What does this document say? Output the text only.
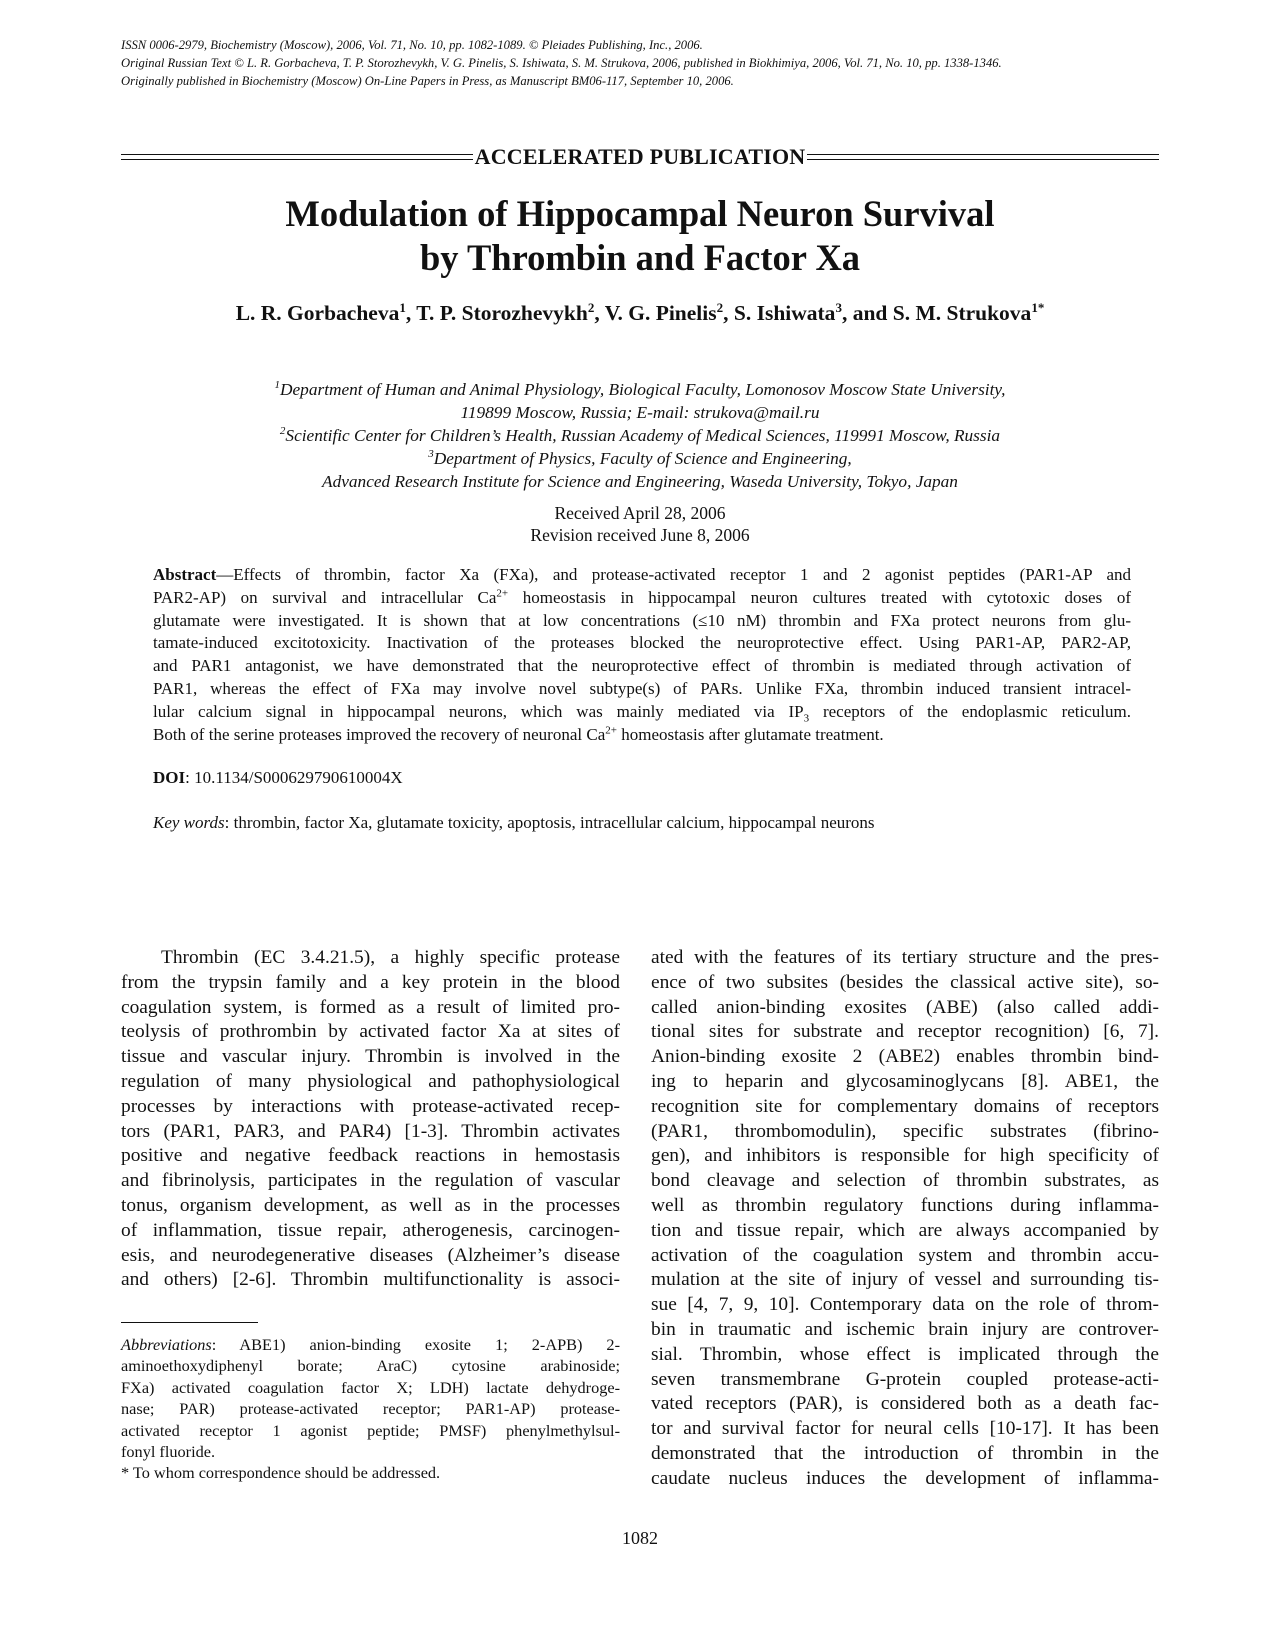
ISSN 0006-2979, Biochemistry (Moscow), 2006, Vol. 71, No. 10, pp. 1082-1089. © Pleiades Publishing, Inc., 2006.
Original Russian Text © L. R. Gorbacheva, T. P. Storozhevykh, V. G. Pinelis, S. Ishiwata, S. M. Strukova, 2006, published in Biokhimiya, 2006, Vol. 71, No. 10, pp. 1338-1346.
Originally published in Biochemistry (Moscow) On-Line Papers in Press, as Manuscript BM06-117, September 10, 2006.
ACCELERATED PUBLICATION
Modulation of Hippocampal Neuron Survival
by Thrombin and Factor Xa
L. R. Gorbacheva$^1$, T. P. Storozhevykh$^2$, V. G. Pinelis$^2$, S. Ishiwata$^3$, and S. M. Strukova$^{1*}$
$^1$Department of Human and Animal Physiology, Biological Faculty, Lomonosov Moscow State University,
119899 Moscow, Russia; E-mail: strukova@mail.ru
$^2$Scientific Center for Children’s Health, Russian Academy of Medical Sciences, 119991 Moscow, Russia
$^3$Department of Physics, Faculty of Science and Engineering,
Advanced Research Institute for Science and Engineering, Waseda University, Tokyo, Japan
Received April 28, 2006
Revision received June 8, 2006
Abstract—Effects of thrombin, factor Xa (FXa), and protease-activated receptor 1 and 2 agonist peptides (PAR1-AP and
PAR2-AP) on survival and intracellular $Ca^{2+}$ homeostasis in hippocampal neuron cultures treated with cytotoxic doses of
glutamate were investigated. It is shown that at low concentrations (≤10 nM) thrombin and FXa protect neurons from glu-
tamate-induced excitotoxicity. Inactivation of the proteases blocked the neuroprotective effect. Using PAR1-AP, PAR2-AP,
and PAR1 antagonist, we have demonstrated that the neuroprotective effect of thrombin is mediated through activation of
PAR1, whereas the effect of FXa may involve novel subtype(s) of PARs. Unlike FXa, thrombin induced transient intracel-
lular calcium signal in hippocampal neurons, which was mainly mediated via $IP_3$ receptors of the endoplasmic reticulum.
Both of the serine proteases improved the recovery of neuronal $Ca^{2+}$ homeostasis after glutamate treatment.
DOI: 10.1134/S000629790610004X
Key words: thrombin, factor Xa, glutamate toxicity, apoptosis, intracellular calcium, hippocampal neurons
Thrombin (EC 3.4.21.5), a highly specific protease
from the trypsin family and a key protein in the blood
coagulation system, is formed as a result of limited pro-
teolysis of prothrombin by activated factor Xa at sites of
tissue and vascular injury. Thrombin is involved in the
regulation of many physiological and pathophysiological
processes by interactions with protease-activated recep-
tors (PAR1, PAR3, and PAR4) [1-3]. Thrombin activates
positive and negative feedback reactions in hemostasis
and fibrinolysis, participates in the regulation of vascular
tonus, organism development, as well as in the processes
of inflammation, tissue repair, atherogenesis, carcinogen-
esis, and neurodegenerative diseases (Alzheimer’s disease
and others) [2-6]. Thrombin multifunctionality is associ-
Abbreviations: ABE1) anion-binding exosite 1; 2-APB) 2-
aminoethoxydiphenyl borate; AraC) cytosine arabinoside;
FXa) activated coagulation factor X; LDH) lactate dehydroge-
nase; PAR) protease-activated receptor; PAR1-AP) protease-
activated receptor 1 agonist peptide; PMSF) phenylmethylsul-
fonyl fluoride.
* To whom correspondence should be addressed.
ated with the features of its tertiary structure and the pres-
ence of two subsites (besides the classical active site), so-
called anion-binding exosites (ABE) (also called addi-
tional sites for substrate and receptor recognition) [6, 7].
Anion-binding exosite 2 (ABE2) enables thrombin bind-
ing to heparin and glycosaminoglycans [8]. ABE1, the
recognition site for complementary domains of receptors
(PAR1, thrombomodulin), specific substrates (fibrino-
gen), and inhibitors is responsible for high specificity of
bond cleavage and selection of thrombin substrates, as
well as thrombin regulatory functions during inflamma-
tion and tissue repair, which are always accompanied by
activation of the coagulation system and thrombin accu-
mulation at the site of injury of vessel and surrounding tis-
sue [4, 7, 9, 10]. Contemporary data on the role of throm-
bin in traumatic and ischemic brain injury are controver-
sial. Thrombin, whose effect is implicated through the
seven transmembrane G-protein coupled protease-acti-
vated receptors (PAR), is considered both as a death fac-
tor and survival factor for neural cells [10-17]. It has been
demonstrated that the introduction of thrombin in the
caudate nucleus induces the development of inflamma-
1082
